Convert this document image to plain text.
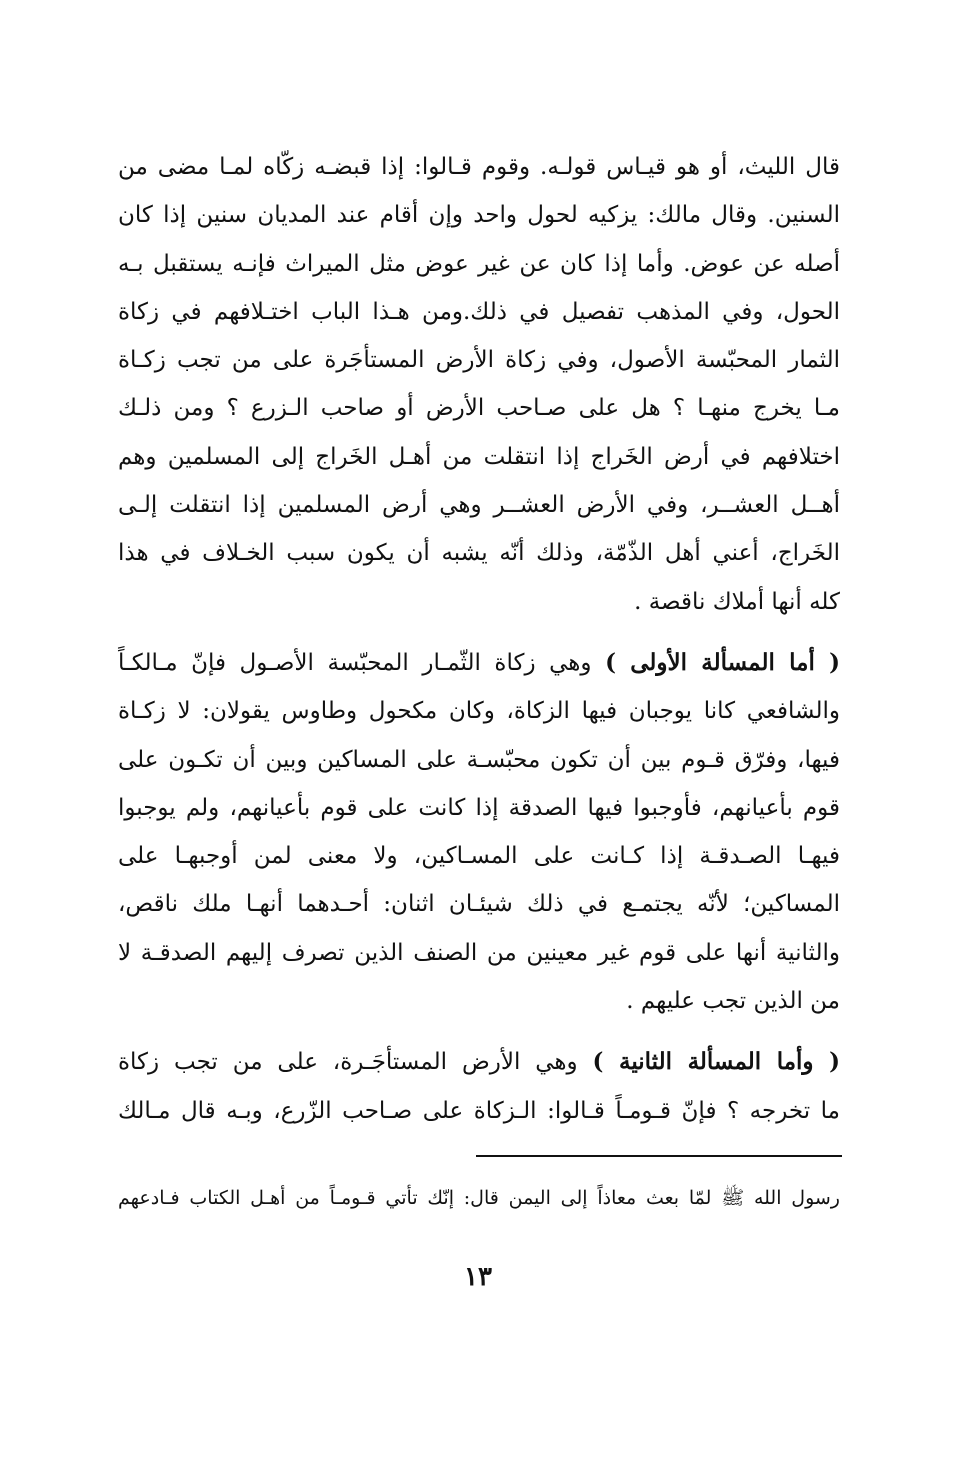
قال الليث، أو هو قيـاس قولـه. وقوم قـالوا: إذا قبضـه زكّاه لمـا مضى من
السنين. وقال مالك: يزكيه لحول واحد وإن أقام عند المديان سنين إذا كان
أصله عن عوض. وأما إذا كان عن غير عوض مثل الميراث فإنـه يستقبل بـه
الحول، وفي المذهب تفصيل في ذلك.ومن هـذا الباب اختـلافهم في زكاة
الثمار المحبّسة الأصول، وفي زكاة الأرض المستأجَرة على من تجب زكـاة
مـا يخرج منهـا ؟ هل على صـاحب الأرض أو صاحب الـزرع ؟ ومن ذلـك
اختلافهم في أرض الخَراج إذا انتقلت من أهـل الخَراج إلى المسلمين وهم
أهــل العشــر، وفي الأرض العشــر وهي أرض المسلمين إذا انتقلت إلـى
الخَراج، أعني أهل الذّمّة، وذلك أنّه يشبه أن يكون سبب الخـلاف في هذا
كله أنها أملاك ناقصة .

( أما المسألة الأولى ) وهي زكاة الثّمـار المحبّسة الأصـول فإنّ مـالكـاً
والشافعي كانا يوجبان فيها الزكاة، وكان مكحول وطاوس يقولان: لا زكـاة
فيها، وفرّق قـوم بين أن تكون محبّسـة على المساكين وبين أن تكـون على
قوم بأعيانهم، فأوجبوا فيها الصدقة إذا كانت على قوم بأعيانهم، ولم يوجبوا
فيهـا الصـدقـة إذا كـانت على المسـاكين، ولا معنى لمن أوجبهـا على
المساكين؛ لأنّه يجتمـع في ذلك شيئـان اثنان: أحـدهما أنهـا ملك ناقص،
والثانية أنها على قوم غير معينين من الصنف الذين تصرف إليهم الصدقـة لا
من الذين تجب عليهم .

( وأما المسألة الثانية ) وهي الأرض المستأجَـرة، على من تجب زكاة
ما تخرجه ؟ فإنّ قـومـاً قـالوا: الـزكاة على صـاحب الزّرع، وبـه قال مـالك

رسول الله ﷺ لمّا بعث معاذاً إلى اليمن قال: إنّك تأتي قـومـاً من أهـل الكتاب فـادعهم
١٣
